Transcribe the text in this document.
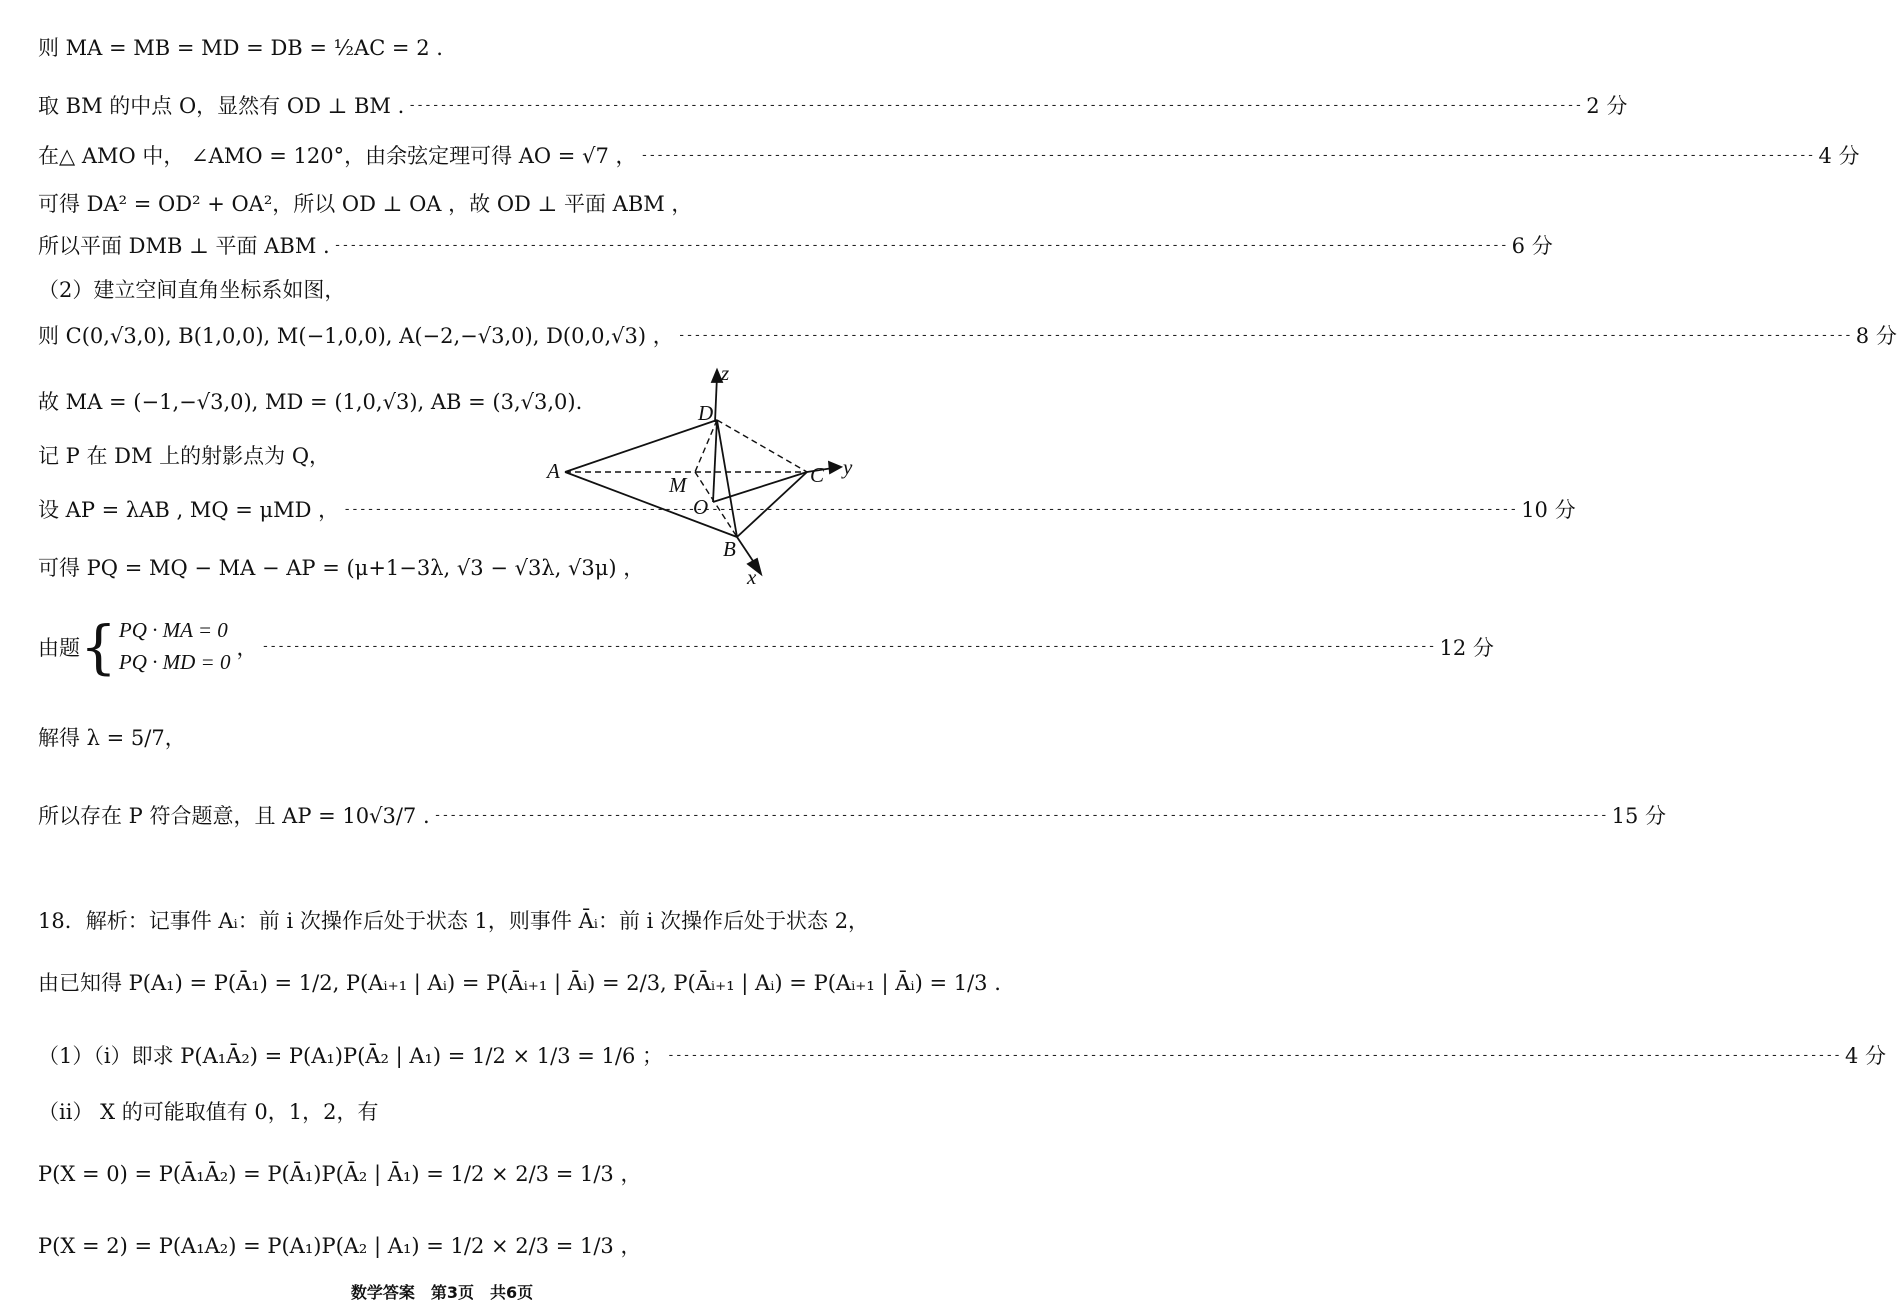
则 MA = MB = MD = DB = ½AC = 2 .
取 BM 的中点 O，显然有 OD ⊥ BM . -----	2 分
在△ AMO 中， ∠AMO = 120°，由余弦定理可得 AO = √7 ， -----	4 分
可得 DA² = OD² + OA²，所以 OD ⊥ OA ，故 OD ⊥ 平面 ABM ，
所以平面 DMB ⊥ 平面 ABM . -----	6 分
（2）建立空间直角坐标系如图，
则 C(0,√3,0), B(1,0,0), M(−1,0,0), A(−2,−√3,0), D(0,0,√3) ， -----	8 分
故 MA = (−1,−√3,0), MD = (1,0,√3), AB = (3,√3,0).
记 P 在 DM 上的射影点为 Q，
设 AP = λAB , MQ = μMD ， -----	10 分
可得 PQ = MQ − MA − AP = (μ+1−3λ, √3 − √3λ, √3μ) ，
由题 { PQ · MA = 0
PQ · MD = 0
， -----	12 分
解得 λ = 5/7，
所以存在 P 符合题意，且 AP = 10√3/7 . -----	15 分
18．解析：记事件 Aᵢ：前 i 次操作后处于状态 1，则事件 Āᵢ：前 i 次操作后处于状态 2，
由已知得 P(A₁) = P(Ā₁) = 1/2, P(Aᵢ₊₁ | Aᵢ) = P(Āᵢ₊₁ | Āᵢ) = 2/3, P(Āᵢ₊₁ | Aᵢ) = P(Aᵢ₊₁ | Āᵢ) = 1/3 .
（1）（i）即求 P(A₁Ā₂) = P(A₁)P(Ā₂ | A₁) = 1/2 × 1/3 = 1/6 ； -----	4 分
（ii） X 的可能取值有 0，1，2，有
P(X = 0) = P(Ā₁Ā₂) = P(Ā₁)P(Ā₂ | Ā₁) = 1/2 × 2/3 = 1/3 ，
P(X = 2) = P(A₁A₂) = P(A₁)P(A₂ | A₁) = 1/2 × 2/3 = 1/3 ，
z
D
A
M	C y
O
B
x
数学答案　第3页　共6页
